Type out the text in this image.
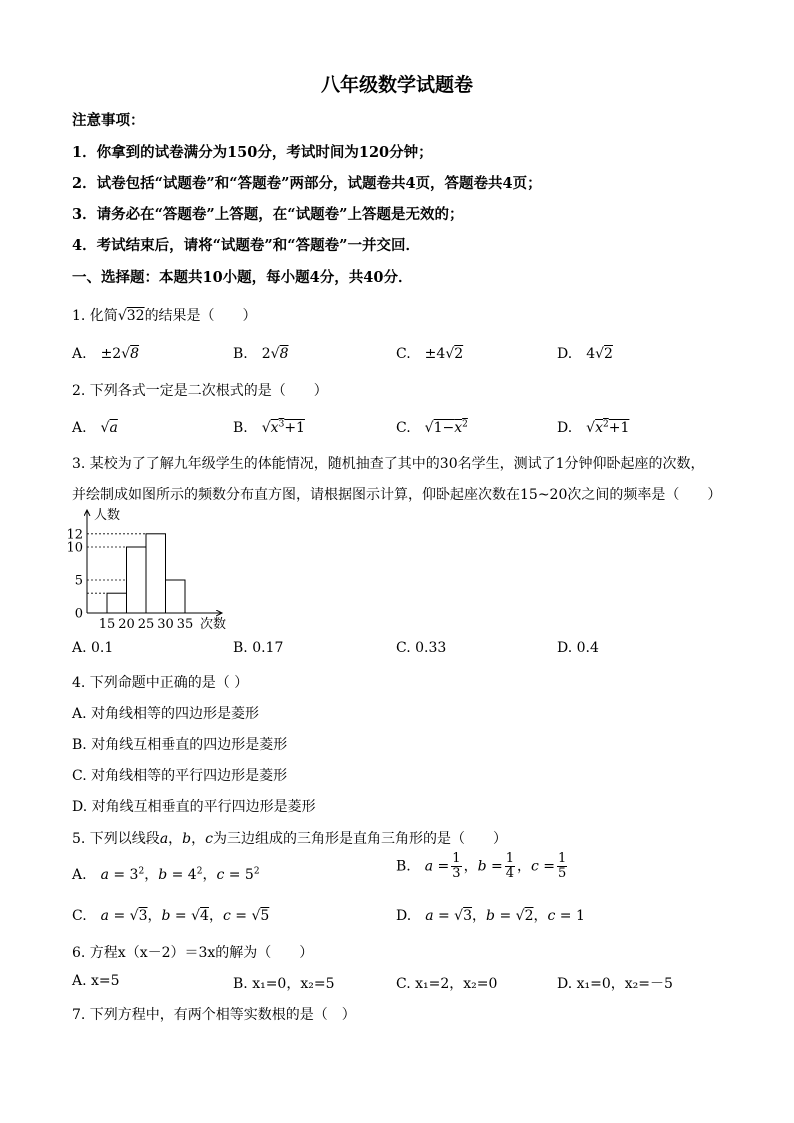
八年级数学试题卷
注意事项：
1．你拿到的试卷满分为150分，考试时间为120分钟；
2．试卷包括“试题卷”和“答题卷”两部分，试题卷共4页，答题卷共4页；
3．请务必在“答题卷”上答题，在“试题卷”上答题是无效的；
4．考试结束后，请将“试题卷”和“答题卷”一并交回．
一、选择题：本题共10小题，每小题4分，共40分．
1. 化简√32的结果是（　　）
A.　 ±2√8	B.　 2√8	C.　 ±4√2	D.　 4√2
2. 下列各式一定是二次根式的是（　　）
A.　√a	B.　$√x^3+1$	C.　$√1-x^2$	D.　$√x^2+1$
3. 某校为了了解九年级学生的体能情况，随机抽查了其中的30名学生，测试了1分钟仰卧起座的次数，
并绘制成如图所示的频数分布直方图，请根据图示计算，仰卧起座次数在15~20次之间的频率是（　　）
人数
次数
0
5
10
12
15 20 25 30 35
A. 0.1	B. 0.17	C. 0.33	D. 0.4
4. 下列命题中正确的是（ ）
A. 对角线相等的四边形是菱形
B. 对角线互相垂直的四边形是菱形
C. 对角线相等的平行四边形是菱形
D. 对角线互相垂直的平行四边形是菱形
5. 下列以线段a，b，c为三边组成的三角形是直角三角形的是（　　）
A.　 $a = 3^2$，$b = 4^2$，$c = 5^2$	B.　 $a = \frac{1}{3}$ ，$b = \frac{1}{4}$ ，$c = \frac{1}{5}$
C.　 a = √3，b = √4，c = √5	D.　 a = √3，b = √2，c = 1
6. 方程x（x－2）＝3x的解为（　　）
A. x=5	B. x₁=0，x₂=5	C. x₁=2，x₂=0	D. x₁=0，x₂=－5
7. 下列方程中，有两个相等实数根的是（　）
